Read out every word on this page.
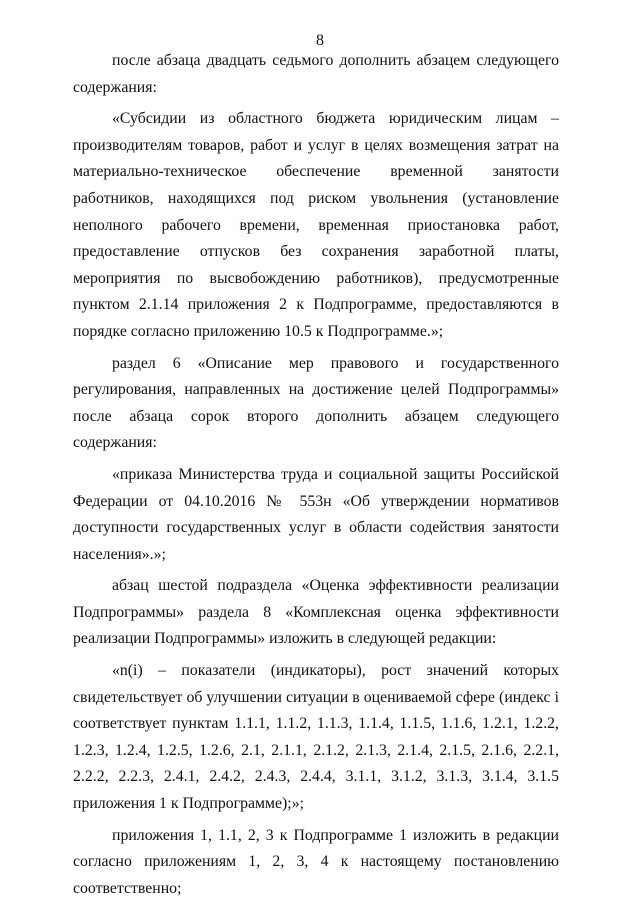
8

после абзаца двадцать седьмого дополнить абзацем следующего содержания:

«Субсидии из областного бюджета юридическим лицам – производителям товаров, работ и услуг в целях возмещения затрат на материально-техническое обеспечение временной занятости работников, находящихся под риском увольнения (установление неполного рабочего времени, временная приостановка работ, предоставление отпусков без сохранения заработной платы, мероприятия по высвобождению работников), предусмотренные пунктом 2.1.14 приложения 2 к Подпрограмме, предоставляются в порядке согласно приложению 10.5 к Подпрограмме.»;

раздел 6 «Описание мер правового и государственного регулирования, направленных на достижение целей Подпрограммы» после абзаца сорок второго дополнить абзацем следующего содержания:

«приказа Министерства труда и социальной защиты Российской Федерации от 04.10.2016 № 553н «Об утверждении нормативов доступности государственных услуг в области содействия занятости населения».»;

абзац шестой подраздела «Оценка эффективности реализации Подпрограммы» раздела 8 «Комплексная оценка эффективности реализации Подпрограммы» изложить в следующей редакции:

«n(i) – показатели (индикаторы), рост значений которых свидетельствует об улучшении ситуации в оцениваемой сфере (индекс i соответствует пунктам 1.1.1, 1.1.2, 1.1.3, 1.1.4, 1.1.5, 1.1.6, 1.2.1, 1.2.2, 1.2.3, 1.2.4, 1.2.5, 1.2.6, 2.1, 2.1.1, 2.1.2, 2.1.3, 2.1.4, 2.1.5, 2.1.6, 2.2.1, 2.2.2, 2.2.3, 2.4.1, 2.4.2, 2.4.3, 2.4.4, 3.1.1, 3.1.2, 3.1.3, 3.1.4, 3.1.5 приложения 1 к Подпрограмме);»;

приложения 1, 1.1, 2, 3 к Подпрограмме 1 изложить в редакции согласно приложениям 1, 2, 3, 4 к настоящему постановлению соответственно;
